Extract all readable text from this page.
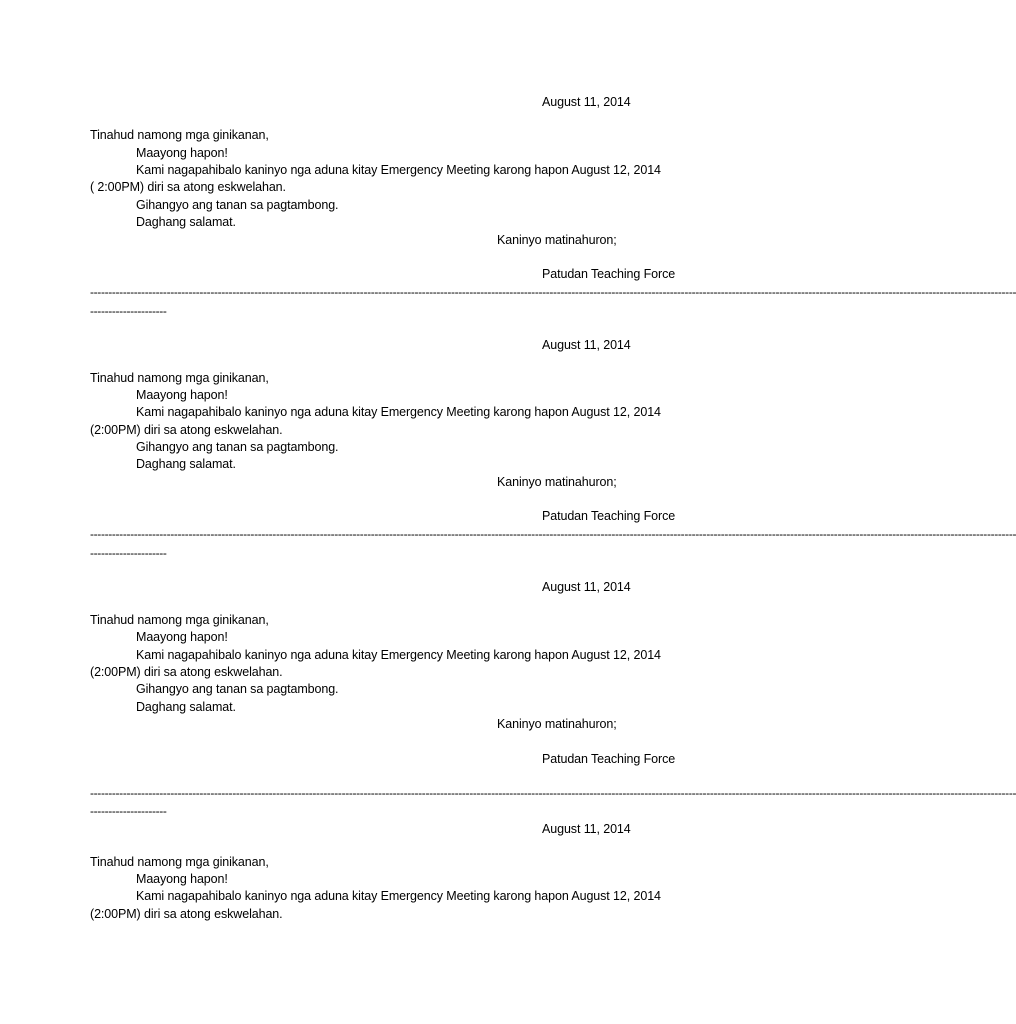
August 11, 2014
Tinahud namong mga ginikanan,
Maayong hapon!
Kami nagapahibalo kaninyo nga aduna kitay Emergency Meeting karong hapon August 12, 2014
( 2:00PM) diri sa atong eskwelahan.
Gihangyo ang tanan sa pagtambong.
Daghang salamat.
Kaninyo matinahuron;
Patudan Teaching Force
--------------------------------------------------------------------------------------------------------------------------------------------------------------------------------------------------------------------------------------------------------------
---------------------
August 11, 2014
Tinahud namong mga ginikanan,
Maayong hapon!
Kami nagapahibalo kaninyo nga aduna kitay Emergency Meeting karong hapon August 12, 2014
(2:00PM) diri sa atong eskwelahan.
Gihangyo ang tanan sa pagtambong.
Daghang salamat.
Kaninyo matinahuron;
Patudan Teaching Force
--------------------------------------------------------------------------------------------------------------------------------------------------------------------------------------------------------------------------------------------------------------
---------------------
August 11, 2014
Tinahud namong mga ginikanan,
Maayong hapon!
Kami nagapahibalo kaninyo nga aduna kitay Emergency Meeting karong hapon August 12, 2014
(2:00PM) diri sa atong eskwelahan.
Gihangyo ang tanan sa pagtambong.
Daghang salamat.
Kaninyo matinahuron;
Patudan Teaching Force
--------------------------------------------------------------------------------------------------------------------------------------------------------------------------------------------------------------------------------------------------------------
---------------------
August 11, 2014
Tinahud namong mga ginikanan,
Maayong hapon!
Kami nagapahibalo kaninyo nga aduna kitay Emergency Meeting karong hapon August 12, 2014
(2:00PM) diri sa atong eskwelahan.
